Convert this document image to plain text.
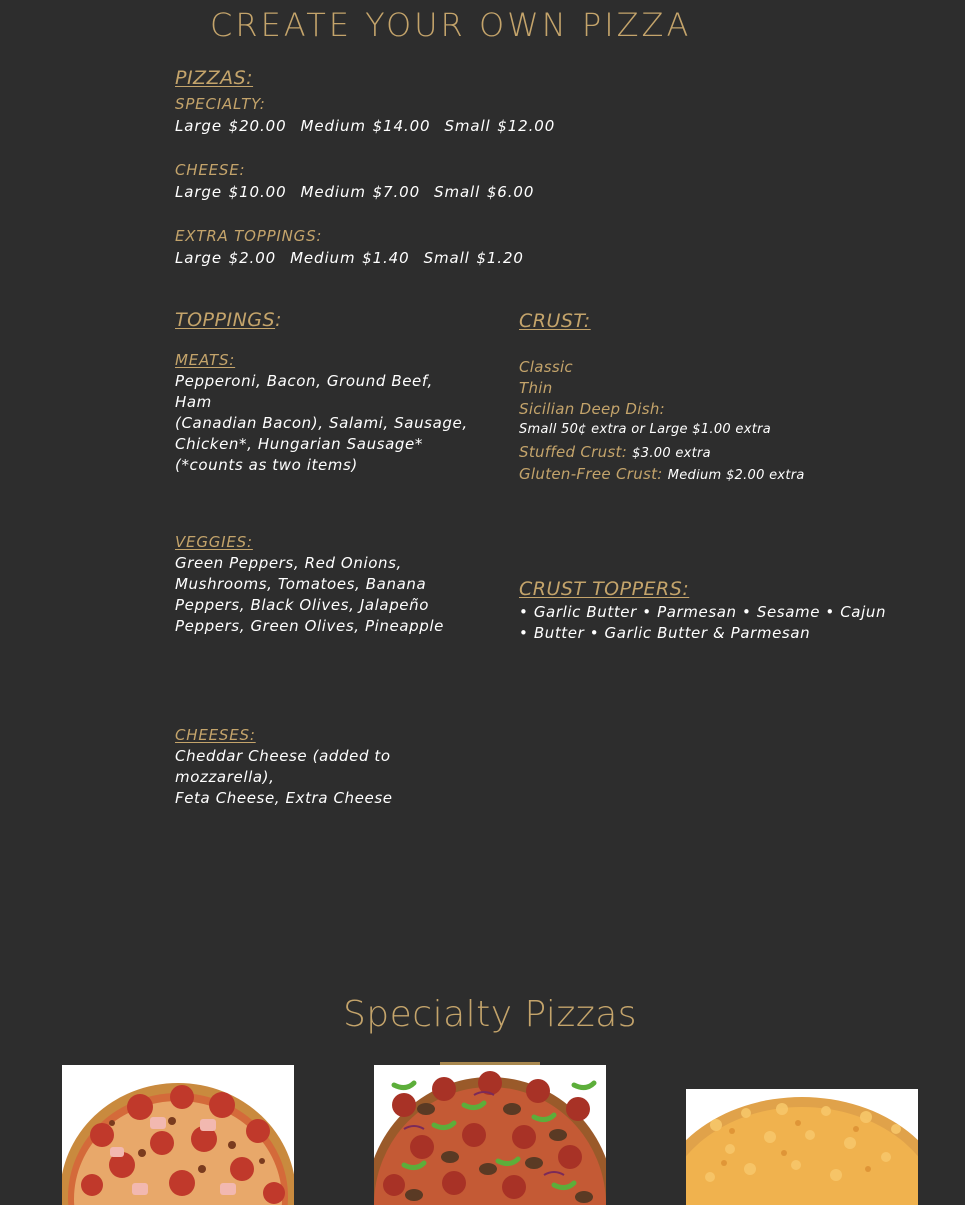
CREATE YOUR OWN PIZZA
PIZZAS:
SPECIALTY:
Large $20.00 Medium $14.00 Small $12.00
CHEESE:
Large $10.00 Medium $7.00 Small $6.00
EXTRA TOPPINGS:
Large $2.00 Medium $1.40 Small $1.20
TOPPINGS:
MEATS:
Pepperoni, Bacon, Ground Beef, Ham
(Canadian Bacon), Salami, Sausage,
Chicken*, Hungarian Sausage*
(*counts as two items)
VEGGIES:
Green Peppers, Red Onions,
Mushrooms, Tomatoes, Banana
Peppers, Black Olives, Jalapeño
Peppers, Green Olives, Pineapple
CHEESES:
Cheddar Cheese (added to mozzarella),
Feta Cheese, Extra Cheese
CRUST:
Classic
Thin
Sicilian Deep Dish:
Small 50¢ extra or Large $1.00 extra
Stuffed Crust: $3.00 extra
Gluten-Free Crust: Medium $2.00 extra
CRUST TOPPERS:
• Garlic Butter • Parmesan • Sesame • Cajun
• Butter • Garlic Butter & Parmesan
Specialty Pizzas
